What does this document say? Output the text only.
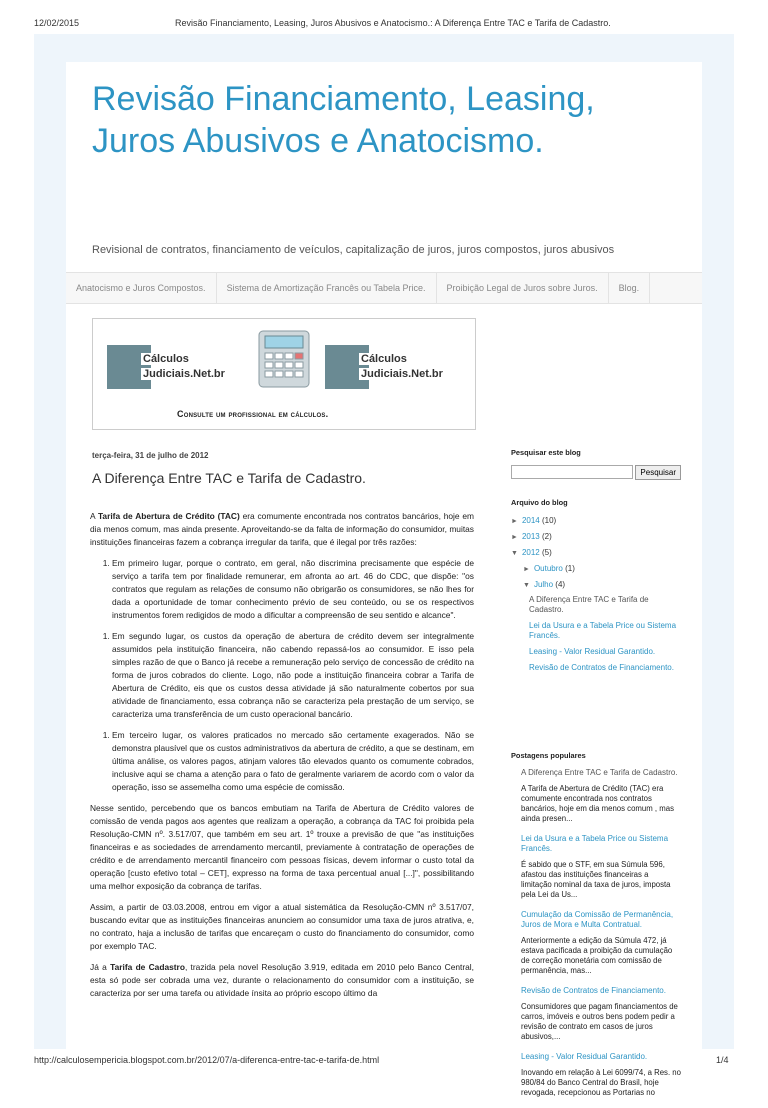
12/02/2015	Revisão Financiamento, Leasing, Juros Abusivos e Anatocismo.: A Diferença Entre TAC e Tarifa de Cadastro.
Revisão Financiamento, Leasing, Juros Abusivos e Anatocismo.
Revisional de contratos, financiamento de veículos, capitalização de juros, juros compostos, juros abusivos
Anatocismo e Juros Compostos.	Sistema de Amortização Francês ou Tabela Price.	Proibição Legal de Juros sobre Juros.	Blog.
Cálculos
Judiciais.Net.br
Cálculos
Judiciais.Net.br
Consulte um profissional em cálculos.
terça-feira, 31 de julho de 2012
A Diferença Entre TAC e Tarifa de Cadastro.

A Tarifa de Abertura de Crédito (TAC) era comumente encontrada nos contratos bancários, hoje em dia menos comum, mas ainda presente. Aproveitando-se da falta de informação do consumidor, muitas instituições financeiras fazem a cobrança irregular da tarifa, que é ilegal por três razões:

1. Em primeiro lugar, porque o contrato, em geral, não discrimina precisamente que espécie de serviço a tarifa tem por finalidade remunerar, em afronta ao art. 46 do CDC, que dispõe: "os contratos que regulam as relações de consumo não obrigarão os consumidores, se não lhes for dada a oportunidade de tomar conhecimento prévio de seu conteúdo, ou se os respectivos instrumentos forem redigidos de modo a dificultar a compreensão de seu sentido e alcance".
1. Em segundo lugar, os custos da operação de abertura de crédito devem ser integralmente assumidos pela instituição financeira, não cabendo repassá-los ao consumidor. E isso pela simples razão de que o Banco já recebe a remuneração pelo serviço de concessão de crédito na forma de juros cobrados do cliente. Logo, não pode a instituição financeira cobrar a Tarifa de Abertura de Crédito, eis que os custos dessa atividade já são naturalmente cobertos por sua atividade de financiamento, essa cobrança não se caracteriza pela prestação de um serviço, se caracteriza uma transferência de um custo operacional bancário.
1. Em terceiro lugar, os valores praticados no mercado são certamente exagerados. Não se demonstra plausível que os custos administrativos da abertura de crédito, a que se destinam, em última análise, os valores pagos, atinjam valores tão elevados quanto os comumente cobrados, inclusive aqui se chama a atenção para o fato de geralmente variarem de acordo com o valor da operação, isso se assemelha como uma espécie de comissão.

Nesse sentido, percebendo que os bancos embutiam na Tarifa de Abertura de Crédito valores de comissão de venda pagos aos agentes que realizam a operação, a cobrança da TAC foi proibida pela Resolução-CMN nº. 3.517/07, que também em seu art. 1º trouxe a previsão de que "as instituições financeiras e as sociedades de arrendamento mercantil, previamente à contratação de operações de crédito e de arrendamento mercantil financeiro com pessoas físicas, devem informar o custo total da operação [custo efetivo total – CET], expresso na forma de taxa percentual anual [...]", possibilitando uma melhor exposição da cobrança de tarifas.

Assim, a partir de 03.03.2008, entrou em vigor a atual sistemática da Resolução-CMN nº 3.517/07, buscando evitar que as instituições financeiras anunciem ao consumidor uma taxa de juros atrativa, e, no contrato, haja a inclusão de tarifas que encareçam o custo do financiamento do consumidor, como por exemplo TAC.

Já a Tarifa de Cadastro, trazida pela novel Resolução 3.919, editada em 2010 pelo Banco Central, esta só pode ser cobrada uma vez, durante o relacionamento do consumidor com a instituição, se caracteriza por ser uma tarefa ou atividade ínsita ao próprio escopo último da

Pesquisar este blog
Pesquisar
Arquivo do blog
► 2014 (10)
► 2013 (2)
▼ 2012 (5)
► Outubro (1)
▼ Julho (4)
A Diferença Entre TAC e Tarifa de Cadastro.
Lei da Usura e a Tabela Price ou Sistema Francês.
Leasing - Valor Residual Garantido.
Revisão de Contratos de Financiamento.
Postagens populares
A Diferença Entre TAC e Tarifa de Cadastro.
A Tarifa de Abertura de Crédito (TAC) era comumente encontrada nos contratos bancários, hoje em dia menos comum , mas ainda presen...
Lei da Usura e a Tabela Price ou Sistema Francês.
É sabido que o STF, em sua Súmula 596, afastou das instituições financeiras a limitação nominal da taxa de juros, imposta pela Lei da Us...
Cumulação da Comissão de Permanência, Juros de Mora e Multa Contratual.
Anteriormente a edição da Súmula 472, já estava pacificada a proibição da cumulação de correção monetária com comissão de permanência, mas...
Revisão de Contratos de Financiamento.
Consumidores que pagam financiamentos de carros, imóveis e outros bens podem pedir a revisão de contrato em casos de juros abusivos,...
Leasing - Valor Residual Garantido.
Inovando em relação à Lei 6099/74, a Res. no 980/84 do Banco Central do Brasil, hoje revogada, recepcionou as Portarias no
http://calculosempericia.blogspot.com.br/2012/07/a-diferenca-entre-tac-e-tarifa-de.html	1/4
